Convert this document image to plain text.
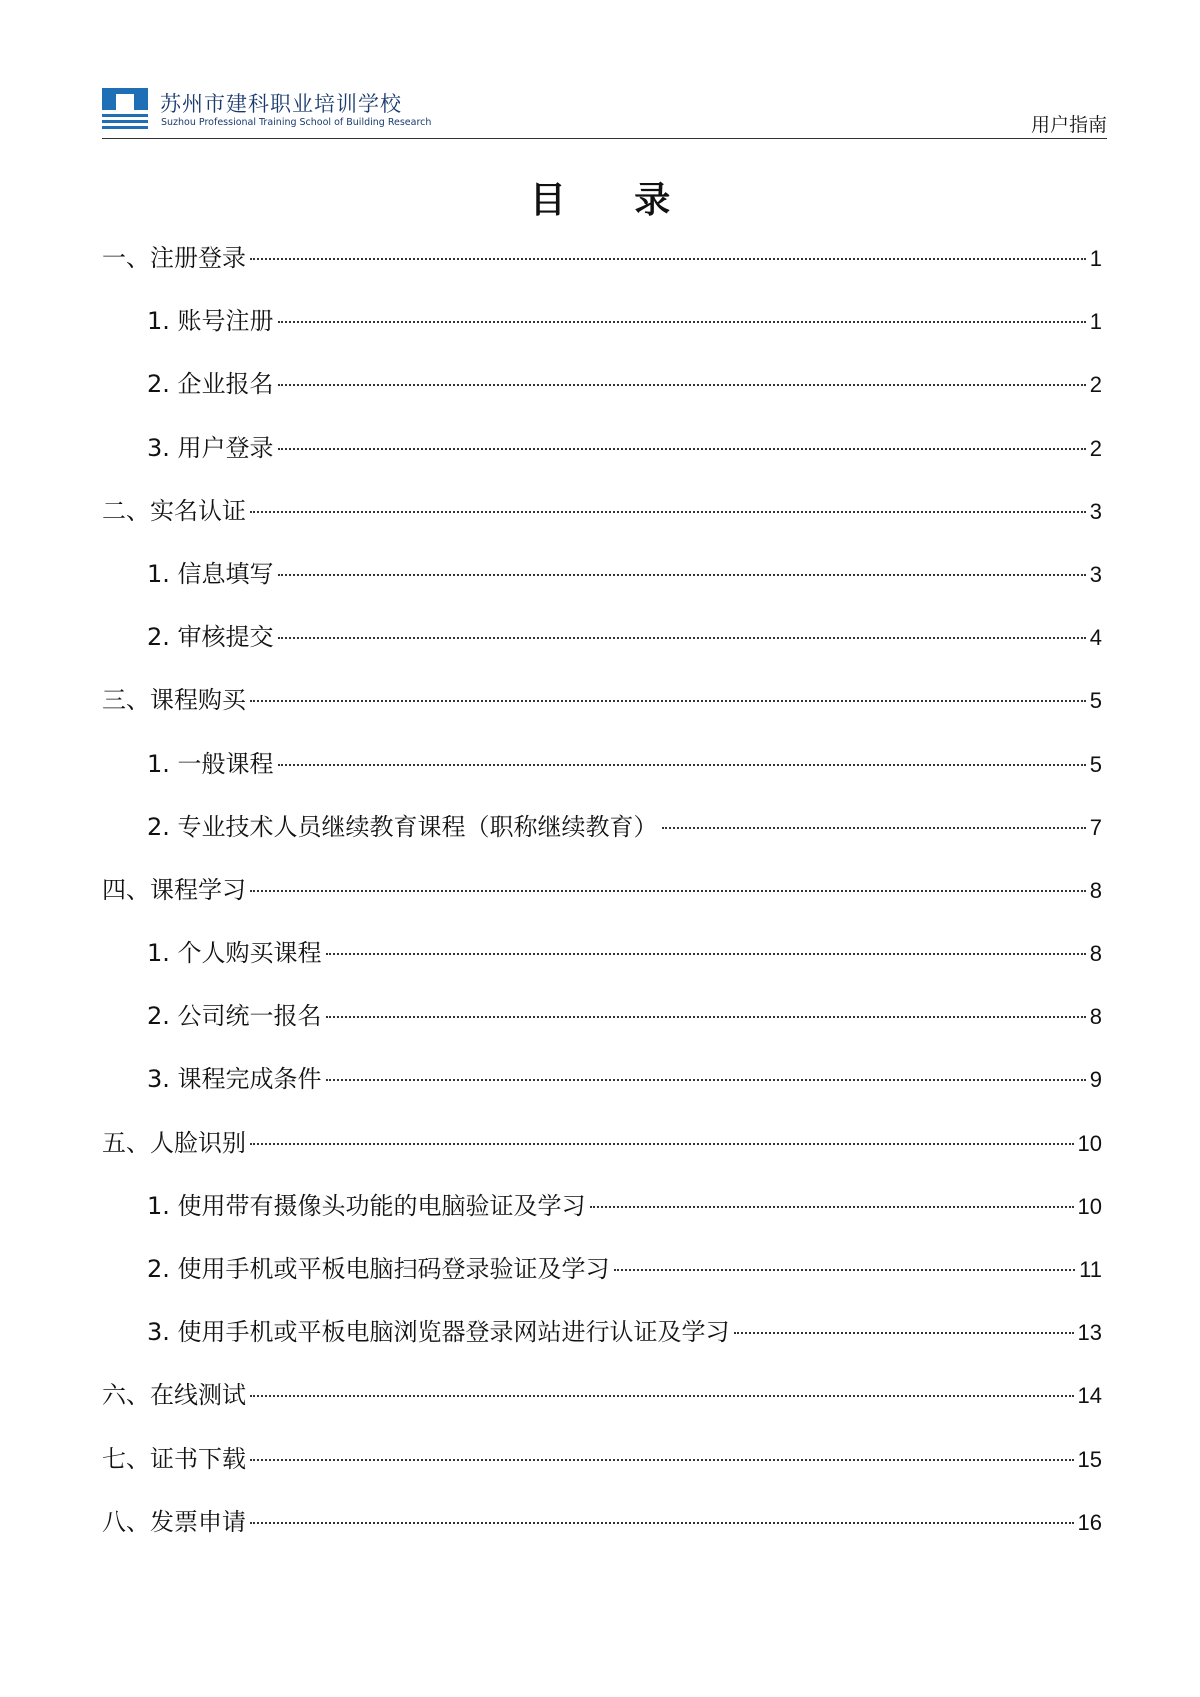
苏州市建科职业培训学校
Suzhou Professional Training School of Building Research	用户指南
目 录
一、注册登录	1
1. 账号注册	1
2. 企业报名	2
3. 用户登录	2
二、实名认证	3
1. 信息填写	3
2. 审核提交	4
三、课程购买	5
1. 一般课程	5
2. 专业技术人员继续教育课程（职称继续教育）	7
四、课程学习	8
1. 个人购买课程	8
2. 公司统一报名	8
3. 课程完成条件	9
五、人脸识别	10
1. 使用带有摄像头功能的电脑验证及学习	10
2. 使用手机或平板电脑扫码登录验证及学习	11
3. 使用手机或平板电脑浏览器登录网站进行认证及学习	13
六、在线测试	14
七、证书下载	15
八、发票申请	16
